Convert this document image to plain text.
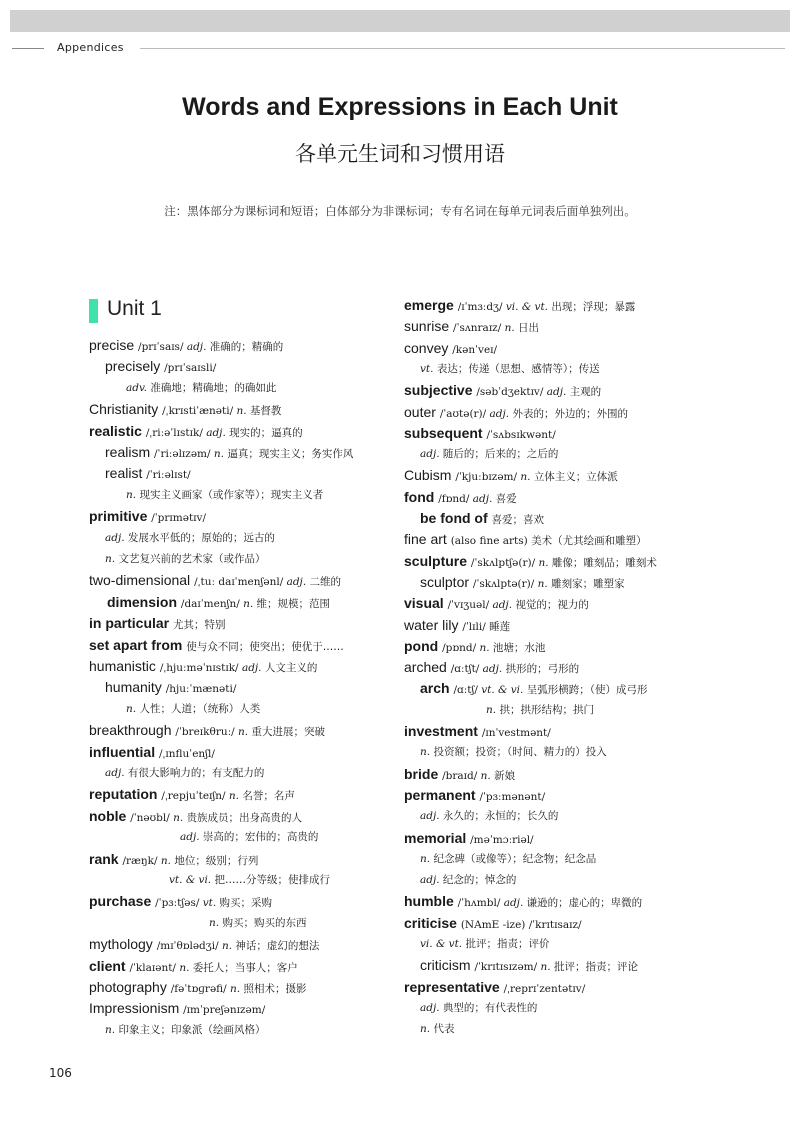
Appendices
Words and Expressions in Each Unit
各单元生词和习惯用语
注：黑体部分为课标词和短语；白体部分为非课标词；专有名词在每单元词表后面单独列出。
Unit 1
precise /prɪˈsaɪs/ adj. 准确的；精确的
precisely /prɪˈsaɪsli/
adv. 准确地；精确地；的确如此
Christianity /ˌkrɪstiˈænəti/ n. 基督教
realistic /ˌriːəˈlɪstɪk/ adj. 现实的；逼真的
realism /ˈriːəlɪzəm/ n. 逼真；现实主义；务实作风
realist /ˈriːəlɪst/
n. 现实主义画家（或作家等）；现实主义者
primitive /ˈprɪmətɪv/
adj. 发展水平低的；原始的；远古的
n. 文艺复兴前的艺术家（或作品）
two-dimensional /ˌtuː daɪˈmenʃənl/ adj. 二维的
dimension /daɪˈmenʃn/ n. 维；规模；范围
in particular 尤其；特别
set apart from 使与众不同；使突出；使优于……
humanistic /ˌhjuːməˈnɪstɪk/ adj. 人文主义的
humanity /hjuːˈmænəti/
n. 人性；人道；（统称）人类
breakthrough /ˈbreɪkθruː/ n. 重大进展；突破
influential /ˌɪnfluˈenʃl/
adj. 有很大影响力的；有支配力的
reputation /ˌrepjuˈteɪʃn/ n. 名誉；名声
noble /ˈnəʊbl/ n. 贵族成员；出身高贵的人
adj. 崇高的；宏伟的；高贵的
rank /ræŋk/ n. 地位；级别；行列
vt. & vi. 把……分等级；使排成行
purchase /ˈpɜːtʃəs/ vt. 购买；采购
n. 购买；购买的东西
mythology /mɪˈθɒlədʒi/ n. 神话；虚幻的想法
client /ˈklaɪənt/ n. 委托人；当事人；客户
photography /fəˈtɒɡrəfi/ n. 照相术；摄影
Impressionism /ɪmˈpreʃənɪzəm/
n. 印象主义；印象派（绘画风格）
emerge /ɪˈmɜːdʒ/ vi. & vt. 出现；浮现；暴露
sunrise /ˈsʌnraɪz/ n. 日出
convey /kənˈveɪ/
vt. 表达；传递（思想、感情等）；传送
subjective /səbˈdʒektɪv/ adj. 主观的
outer /ˈaʊtə(r)/ adj. 外表的；外边的；外围的
subsequent /ˈsʌbsɪkwənt/
adj. 随后的；后来的；之后的
Cubism /ˈkjuːbɪzəm/ n. 立体主义；立体派
fond /fɒnd/ adj. 喜爱
be fond of 喜爱；喜欢
fine art (also fine arts) 美术（尤其绘画和雕塑）
sculpture /ˈskʌlptʃə(r)/ n. 雕像；雕刻品；雕刻术
sculptor /ˈskʌlptə(r)/ n. 雕刻家；雕塑家
visual /ˈvɪʒuəl/ adj. 视觉的；视力的
water lily /ˈlɪli/ 睡莲
pond /pɒnd/ n. 池塘；水池
arched /ɑːtʃt/ adj. 拱形的；弓形的
arch /ɑːtʃ/ vt. & vi. 呈弧形横跨；（使）成弓形
n. 拱；拱形结构；拱门
investment /ɪnˈvestmənt/
n. 投资额；投资；（时间、精力的）投入
bride /braɪd/ n. 新娘
permanent /ˈpɜːmənənt/
adj. 永久的；永恒的；长久的
memorial /məˈmɔːriəl/
n. 纪念碑（或像等）；纪念物；纪念品
adj. 纪念的；悼念的
humble /ˈhʌmbl/ adj. 谦逊的；虚心的；卑微的
criticise (NAmE -ize) /ˈkrɪtɪsaɪz/
vi. & vt. 批评；指责；评价
criticism /ˈkrɪtɪsɪzəm/ n. 批评；指责；评论
representative /ˌreprɪˈzentətɪv/
adj. 典型的；有代表性的
n. 代表
106
